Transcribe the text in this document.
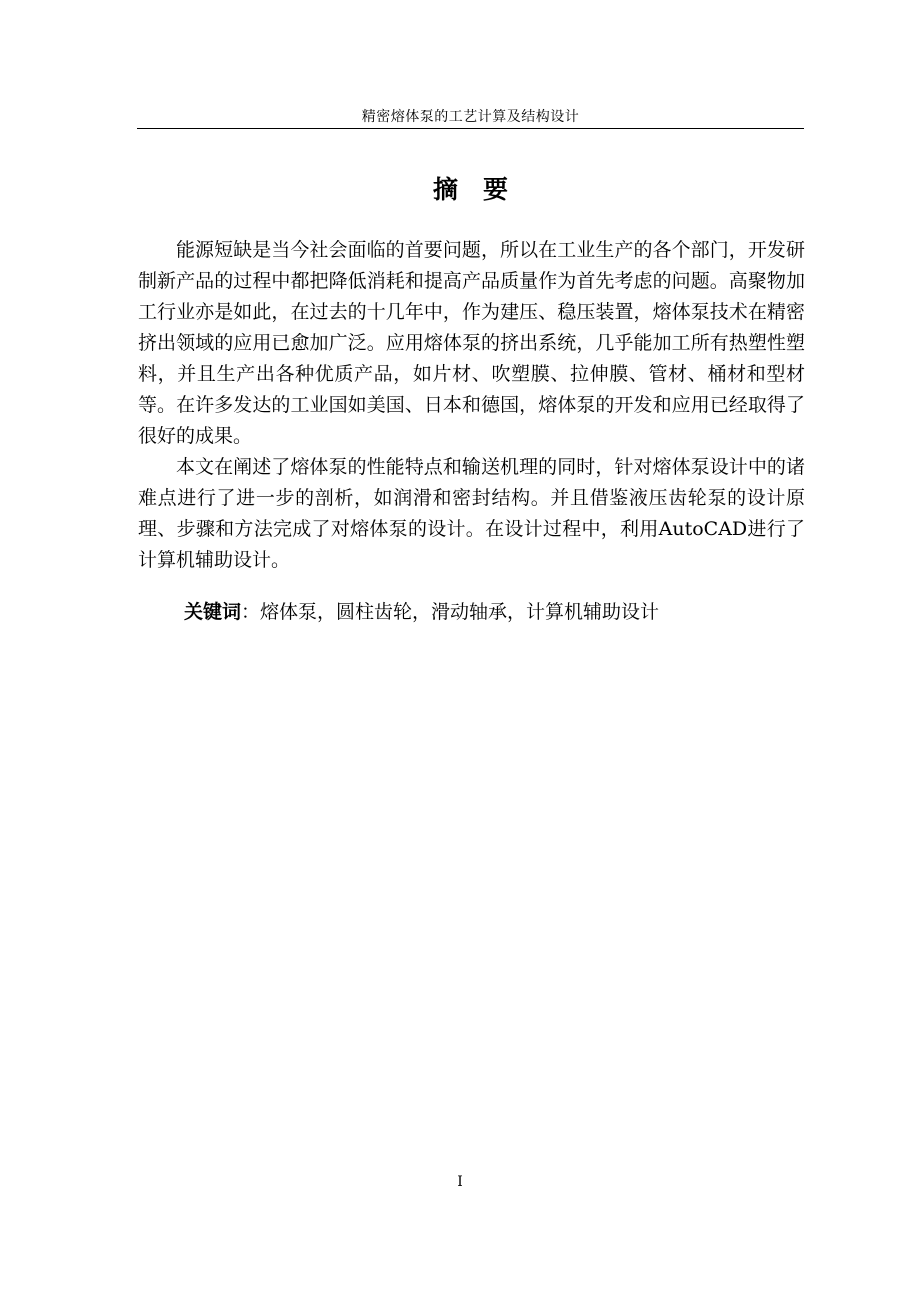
精密熔体泵的工艺计算及结构设计
摘　要

能源短缺是当今社会面临的首要问题，所以在工业生产的各个部门，开发研制新产品的过程中都把降低消耗和提高产品质量作为首先考虑的问题。高聚物加工行业亦是如此，在过去的十几年中，作为建压、稳压装置，熔体泵技术在精密挤出领域的应用已愈加广泛。应用熔体泵的挤出系统，几乎能加工所有热塑性塑料，并且生产出各种优质产品，如片材、吹塑膜、拉伸膜、管材、桶材和型材等。在许多发达的工业国如美国、日本和德国，熔体泵的开发和应用已经取得了很好的成果。

本文在阐述了熔体泵的性能特点和输送机理的同时，针对熔体泵设计中的诸难点进行了进一步的剖析，如润滑和密封结构。并且借鉴液压齿轮泵的设计原理、步骤和方法完成了对熔体泵的设计。在设计过程中，利用AutoCAD进行了计算机辅助设计。

关键词：熔体泵，圆柱齿轮，滑动轴承，计算机辅助设计
I
